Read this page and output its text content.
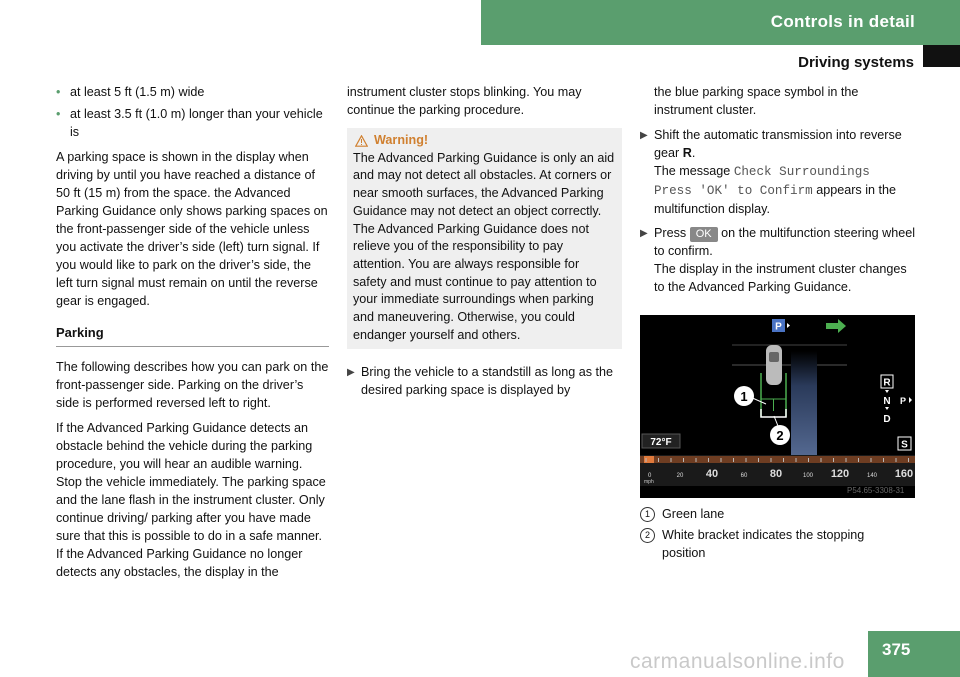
Controls in detail
Driving systems
• at least 5 ft (1.5 m) wide
• at least 3.5 ft (1.0 m) longer than your vehicle is

A parking space is shown in the display when driving by until you have reached a distance of 50 ft (15 m) from the space. the Advanced Parking Guidance only shows parking spaces on the front-passenger side of the vehicle unless you activate the driver’s side (left) turn signal. If you would like to park on the driver’s side, the left turn signal must remain on until the reverse gear is engaged.

Parking

The following describes how you can park on the front-passenger side. Parking on the driver’s side is performed reversed left to right.

If the Advanced Parking Guidance detects an obstacle behind the vehicle during the parking procedure, you will hear an audible warning. Stop the vehicle immediately. The parking space and the lane flash in the instrument cluster. Only continue driving/ parking after you have made sure that this is possible to do in a safe manner. If the Advanced Parking Guidance no longer detects any obstacles, the display in the

instrument cluster stops blinking. You may continue the parking procedure.

Warning!
The Advanced Parking Guidance is only an aid and may not detect all obstacles. At corners or near smooth surfaces, the Advanced Parking Guidance may not detect an object correctly. The Advanced Parking Guidance does not relieve you of the responsibility to pay attention. You are always responsible for safety and must continue to pay attention to your immediate surroundings when parking and maneuvering. Otherwise, you could endanger yourself and others.
▶ Bring the vehicle to a standstill as long as the desired parking space is displayed by

the blue parking space symbol in the instrument cluster.

▶ Shift the automatic transmission into reverse gear R.
The message Check Surroundings
Press 'OK' to Confirm appears in the multifunction display.
▶ Press OK on the multifunction steering wheel to confirm.
The display in the instrument cluster changes to the Advanced Parking Guidance.
P
1
2
R
N
D
P
72°F	S
0	20 40	60 80	100 120	140 160
mph
P54.65-3308-31
1 Green lane
2 White bracket indicates the stopping position
375
carmanualsonline.info
